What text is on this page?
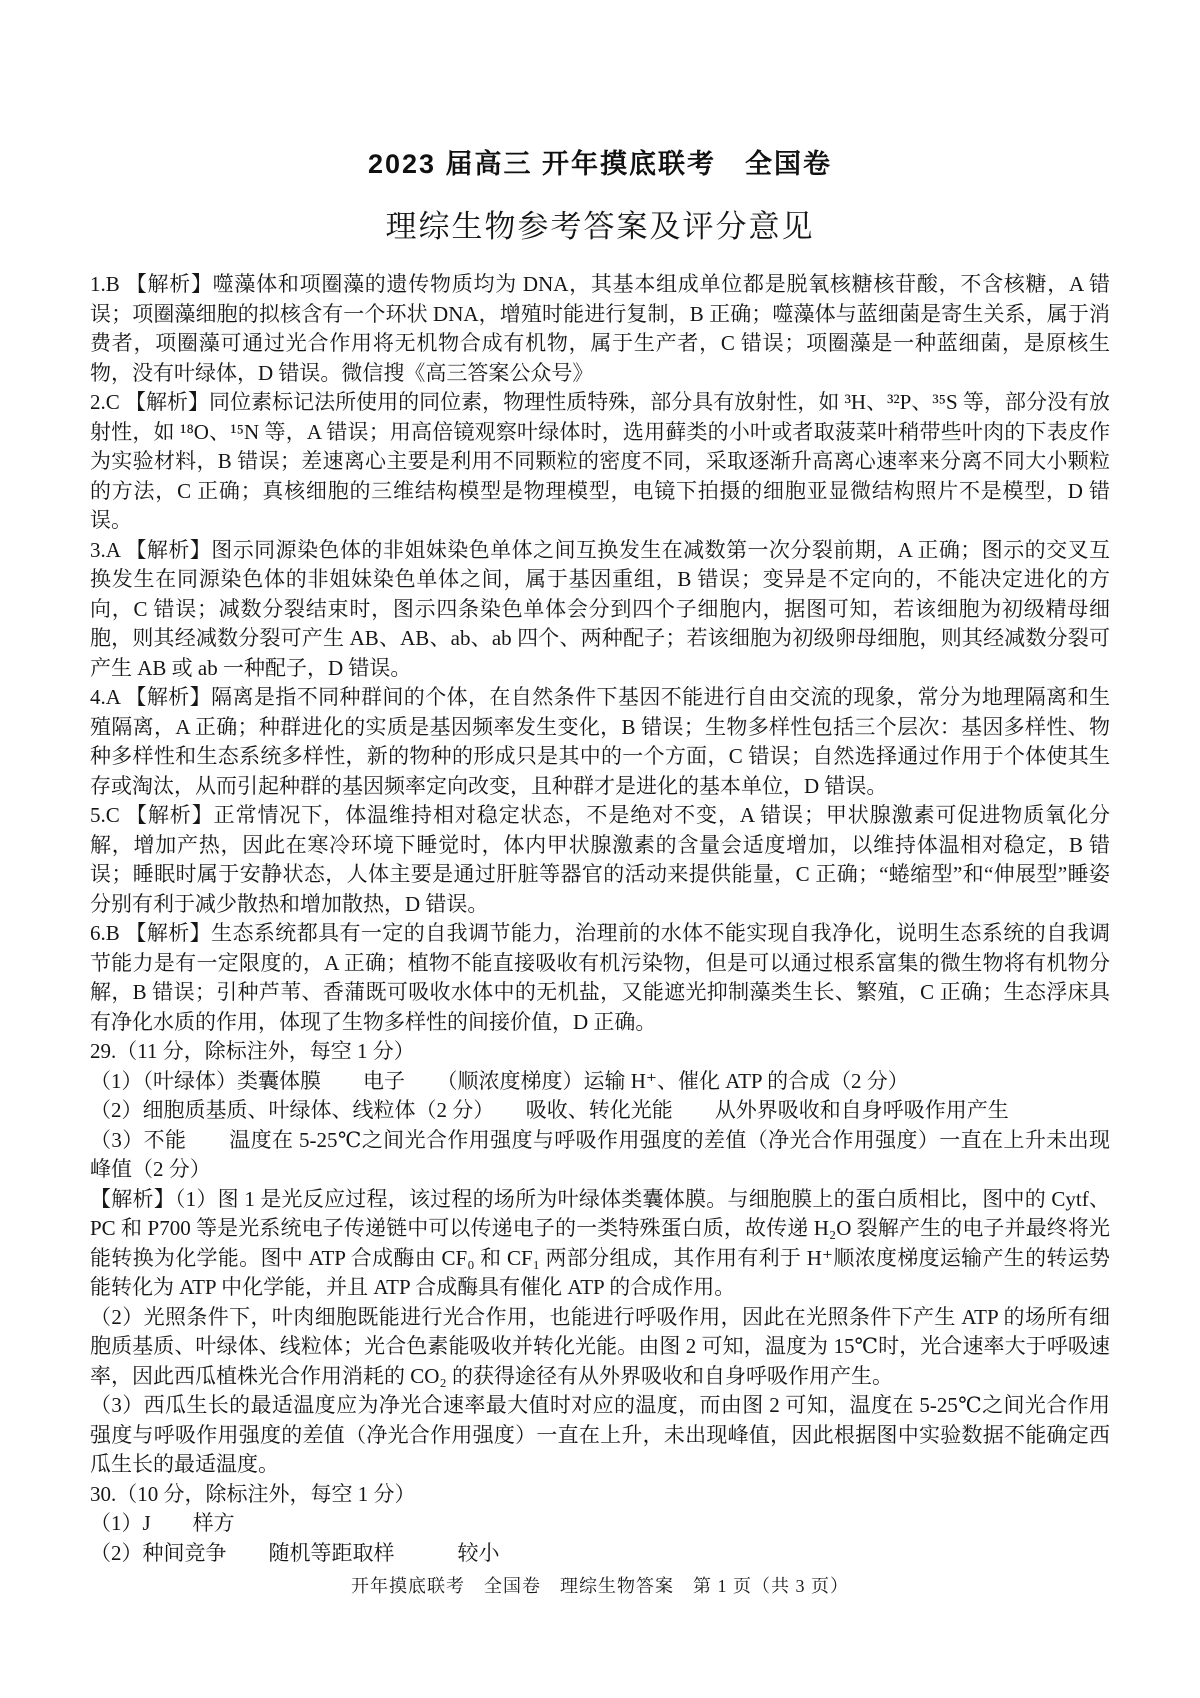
2023 届高三 开年摸底联考　全国卷
理综生物参考答案及评分意见

1.B 【解析】噬藻体和项圈藻的遗传物质均为 DNA，其基本组成单位都是脱氧核糖核苷酸，不含核糖，A 错误；项圈藻细胞的拟核含有一个环状 DNA，增殖时能进行复制，B 正确；噬藻体与蓝细菌是寄生关系，属于消费者，项圈藻可通过光合作用将无机物合成有机物，属于生产者，C 错误；项圈藻是一种蓝细菌，是原核生物，没有叶绿体，D 错误。微信搜《高三答案公众号》

2.C 【解析】同位素标记法所使用的同位素，物理性质特殊，部分具有放射性，如 ³H、³²P、³⁵S 等，部分没有放射性，如 ¹⁸O、¹⁵N 等，A 错误；用高倍镜观察叶绿体时，选用藓类的小叶或者取菠菜叶稍带些叶肉的下表皮作为实验材料，B 错误；差速离心主要是利用不同颗粒的密度不同，采取逐渐升高离心速率来分离不同大小颗粒的方法，C 正确；真核细胞的三维结构模型是物理模型，电镜下拍摄的细胞亚显微结构照片不是模型，D 错误。

3.A 【解析】图示同源染色体的非姐妹染色单体之间互换发生在减数第一次分裂前期，A 正确；图示的交叉互换发生在同源染色体的非姐妹染色单体之间，属于基因重组，B 错误；变异是不定向的，不能决定进化的方向，C 错误；减数分裂结束时，图示四条染色单体会分到四个子细胞内，据图可知，若该细胞为初级精母细胞，则其经减数分裂可产生 AB、AB、ab、ab 四个、两种配子；若该细胞为初级卵母细胞，则其经减数分裂可产生 AB 或 ab 一种配子，D 错误。

4.A 【解析】隔离是指不同种群间的个体，在自然条件下基因不能进行自由交流的现象，常分为地理隔离和生殖隔离，A 正确；种群进化的实质是基因频率发生变化，B 错误；生物多样性包括三个层次：基因多样性、物种多样性和生态系统多样性，新的物种的形成只是其中的一个方面，C 错误；自然选择通过作用于个体使其生存或淘汰，从而引起种群的基因频率定向改变，且种群才是进化的基本单位，D 错误。

5.C 【解析】正常情况下，体温维持相对稳定状态，不是绝对不变，A 错误；甲状腺激素可促进物质氧化分解，增加产热，因此在寒冷环境下睡觉时，体内甲状腺激素的含量会适度增加，以维持体温相对稳定，B 错误；睡眠时属于安静状态，人体主要是通过肝脏等器官的活动来提供能量，C 正确；“蜷缩型”和“伸展型”睡姿分别有利于减少散热和增加散热，D 错误。

6.B 【解析】生态系统都具有一定的自我调节能力，治理前的水体不能实现自我净化，说明生态系统的自我调节能力是有一定限度的，A 正确；植物不能直接吸收有机污染物，但是可以通过根系富集的微生物将有机物分解，B 错误；引种芦苇、香蒲既可吸收水体中的无机盐，又能遮光抑制藻类生长、繁殖，C 正确；生态浮床具有净化水质的作用，体现了生物多样性的间接价值，D 正确。

29.（11 分，除标注外，每空 1 分）

（1）（叶绿体）类囊体膜　　电子　　（顺浓度梯度）运输 H⁺、催化 ATP 的合成（2 分）

（2）细胞质基质、叶绿体、线粒体（2 分）　　吸收、转化光能　　从外界吸收和自身呼吸作用产生

（3）不能　　温度在 5-25℃之间光合作用强度与呼吸作用强度的差值（净光合作用强度）一直在上升未出现峰值（2 分）

【解析】（1）图 1 是光反应过程，该过程的场所为叶绿体类囊体膜。与细胞膜上的蛋白质相比，图中的 Cytf、PC 和 P700 等是光系统电子传递链中可以传递电子的一类特殊蛋白质，故传递 H₂O 裂解产生的电子并最终将光能转换为化学能。图中 ATP 合成酶由 CF₀ 和 CF₁ 两部分组成，其作用有利于 H⁺顺浓度梯度运输产生的转运势能转化为 ATP 中化学能，并且 ATP 合成酶具有催化 ATP 的合成作用。

（2）光照条件下，叶肉细胞既能进行光合作用，也能进行呼吸作用，因此在光照条件下产生 ATP 的场所有细胞质基质、叶绿体、线粒体；光合色素能吸收并转化光能。由图 2 可知，温度为 15℃时，光合速率大于呼吸速率，因此西瓜植株光合作用消耗的 CO₂ 的获得途径有从外界吸收和自身呼吸作用产生。

（3）西瓜生长的最适温度应为净光合速率最大值时对应的温度，而由图 2 可知，温度在 5-25℃之间光合作用强度与呼吸作用强度的差值（净光合作用强度）一直在上升，未出现峰值，因此根据图中实验数据不能确定西瓜生长的最适温度。

30.（10 分，除标注外，每空 1 分）

（1）J　　样方

（2）种间竞争　　随机等距取样　　　较小

开年摸底联考　全国卷　理综生物答案　第 1 页（共 3 页）
